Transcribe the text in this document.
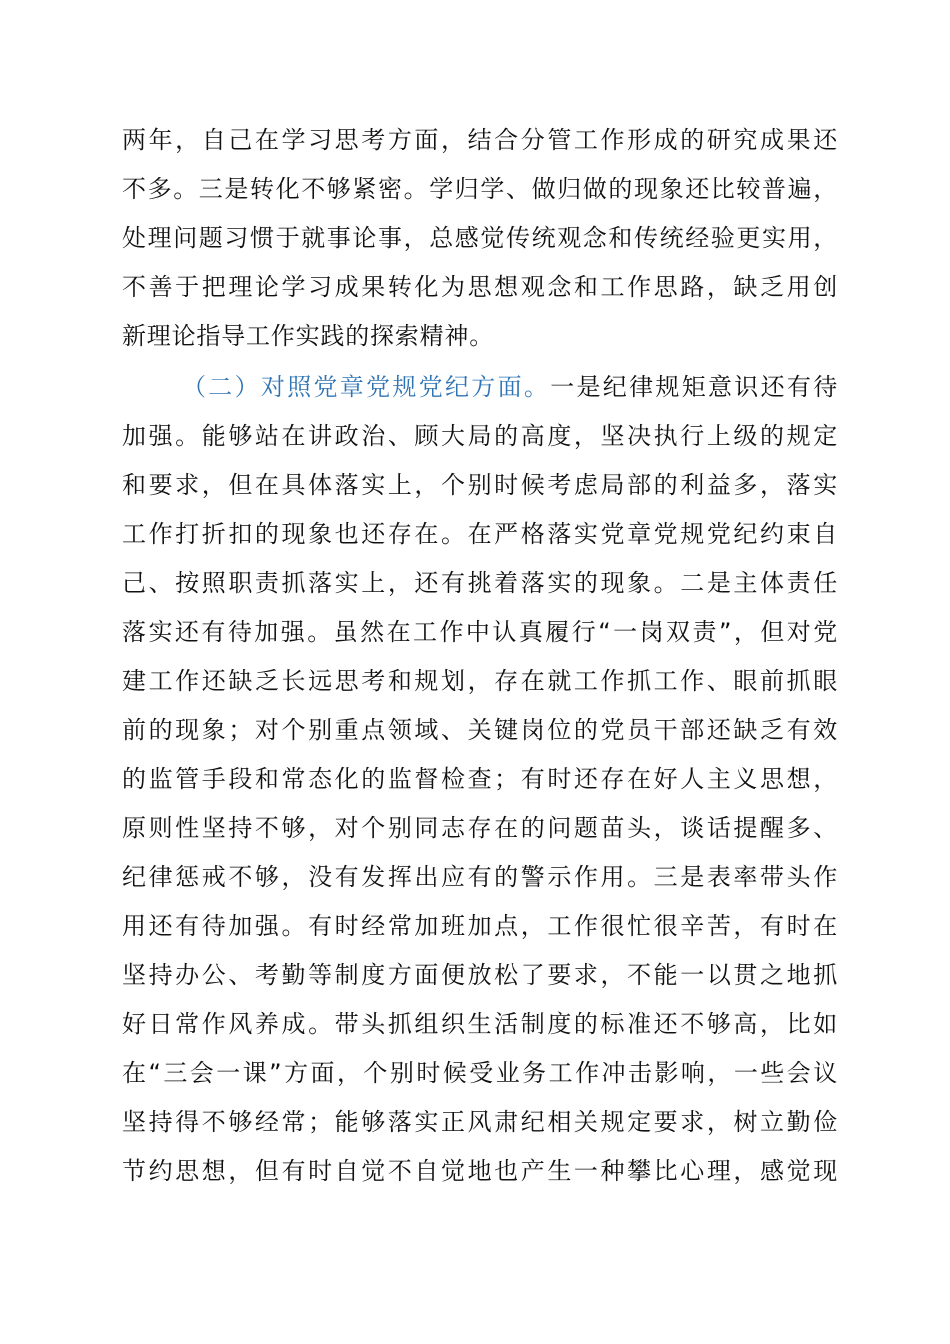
两年，自己在学习思考方面，结合分管工作形成的研究成果还
不多。三是转化不够紧密。学归学、做归做的现象还比较普遍，
处理问题习惯于就事论事，总感觉传统观念和传统经验更实用，
不善于把理论学习成果转化为思想观念和工作思路，缺乏用创
新理论指导工作实践的探索精神。
（二）对照党章党规党纪方面。一是纪律规矩意识还有待
加强。能够站在讲政治、顾大局的高度，坚决执行上级的规定
和要求，但在具体落实上，个别时候考虑局部的利益多，落实
工作打折扣的现象也还存在。在严格落实党章党规党纪约束自
己、按照职责抓落实上，还有挑着落实的现象。二是主体责任
落实还有待加强。虽然在工作中认真履行“一岗双责”，但对党
建工作还缺乏长远思考和规划，存在就工作抓工作、眼前抓眼
前的现象；对个别重点领域、关键岗位的党员干部还缺乏有效
的监管手段和常态化的监督检查；有时还存在好人主义思想，
原则性坚持不够，对个别同志存在的问题苗头，谈话提醒多、
纪律惩戒不够，没有发挥出应有的警示作用。三是表率带头作
用还有待加强。有时经常加班加点，工作很忙很辛苦，有时在
坚持办公、考勤等制度方面便放松了要求，不能一以贯之地抓
好日常作风养成。带头抓组织生活制度的标准还不够高，比如
在“三会一课”方面，个别时候受业务工作冲击影响，一些会议
坚持得不够经常；能够落实正风肃纪相关规定要求，树立勤俭
节约思想，但有时自觉不自觉地也产生一种攀比心理，感觉现
